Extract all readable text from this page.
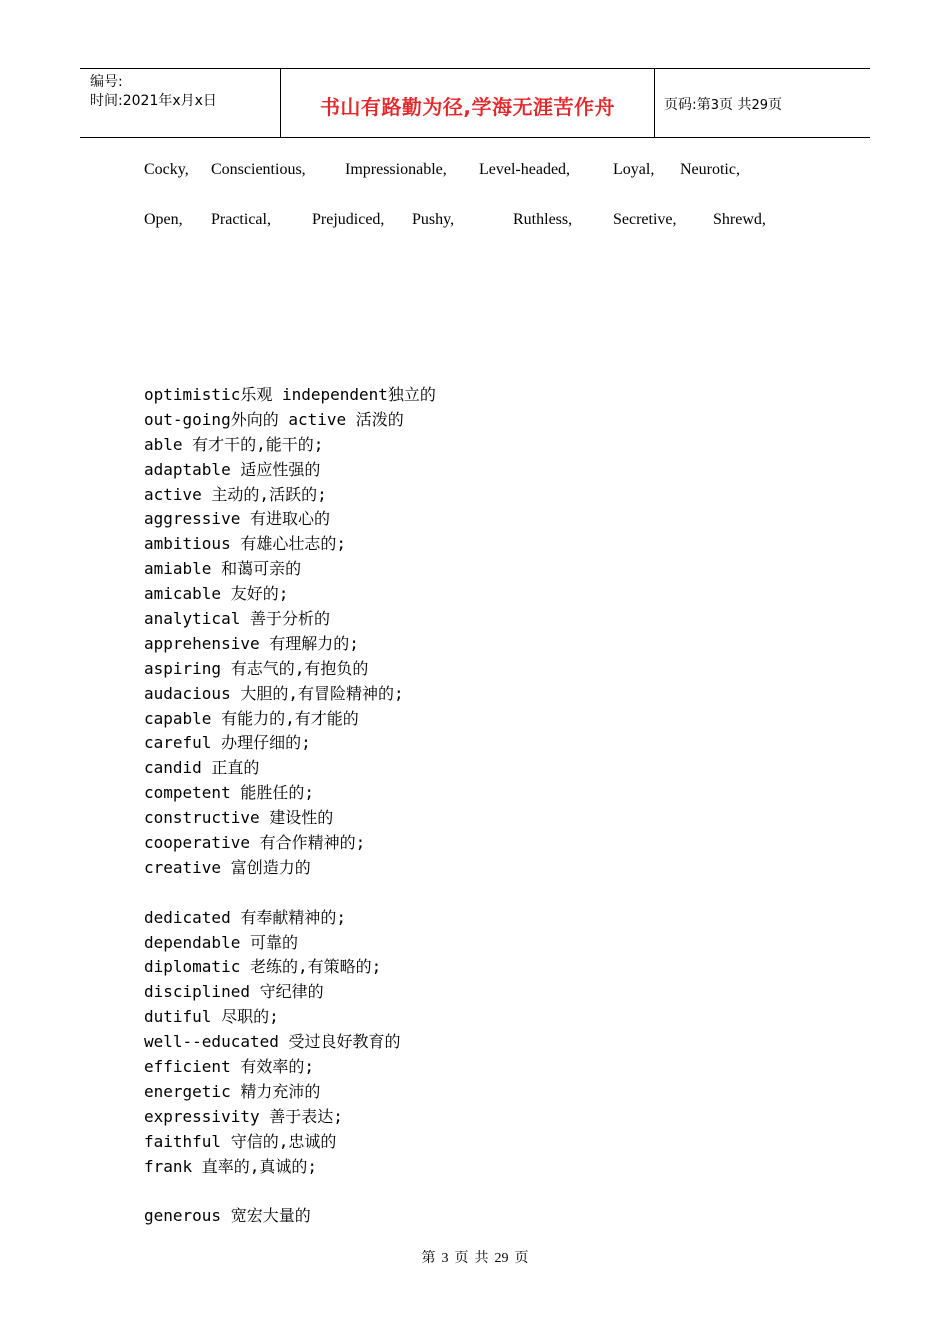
编号:
时间:2021年x月x日	书山有路勤为径,学海无涯苦作舟	页码:第3页 共29页
Cocky, Conscientious, Impressionable, Level-headed,	Loyal, Neurotic,
Open, Practical,	Prejudiced, Pushy,	Ruthless,	Secretive, Shrewd,
optimistic乐观 independent独立的
out-going外向的 active 活泼的
able 有才干的,能干的;
adaptable 适应性强的
active 主动的,活跃的;
aggressive 有进取心的
ambitious 有雄心壮志的;
amiable 和蔼可亲的
amicable 友好的;
analytical 善于分析的
apprehensive 有理解力的;
aspiring 有志气的,有抱负的
audacious 大胆的,有冒险精神的;
capable 有能力的,有才能的
careful 办理仔细的;
candid 正直的
competent 能胜任的;
constructive 建设性的
cooperative 有合作精神的;
creative 富创造力的
dedicated 有奉献精神的;
dependable 可靠的
diplomatic 老练的,有策略的;
disciplined 守纪律的
dutiful 尽职的;
well--educated 受过良好教育的
efficient 有效率的;
energetic 精力充沛的
expressivity 善于表达;
faithful 守信的,忠诚的
frank 直率的,真诚的;
generous 宽宏大量的
第 3 页 共 29 页
